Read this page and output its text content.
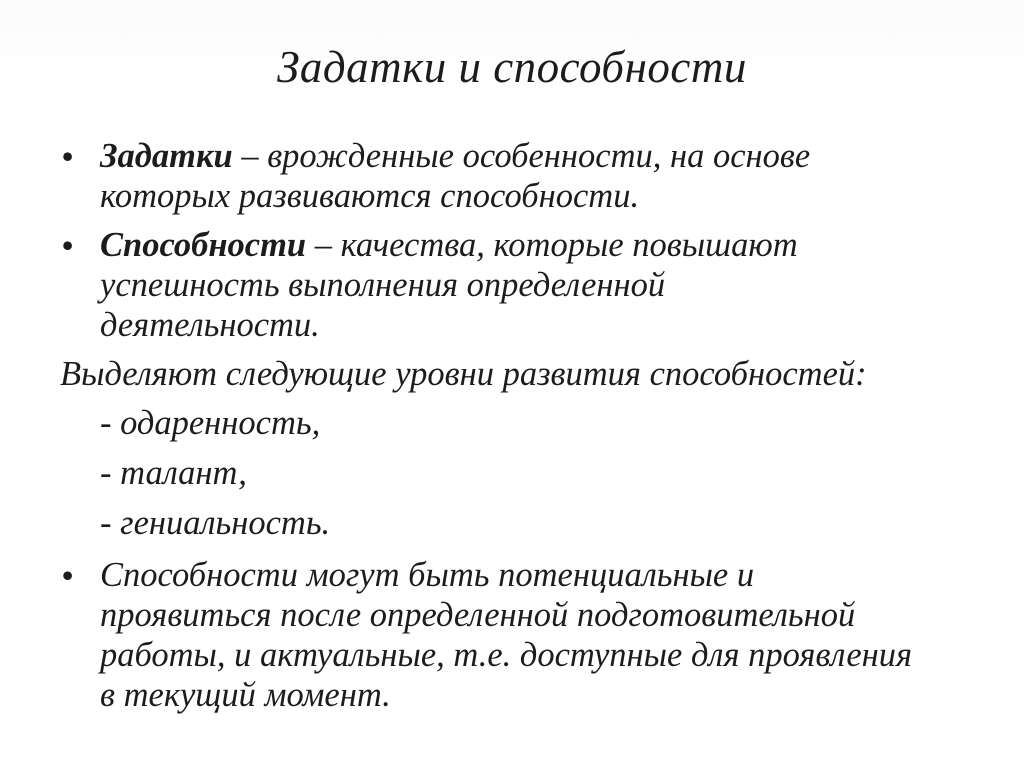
Задатки и способности
• Задатки – врожденные особенности, на основе которых развиваются способности.
• Способности – качества, которые повышают успешность выполнения определенной деятельности.
Выделяют следующие уровни развития способностей:
- одаренность,
- талант,
- гениальность.
• Способности могут быть потенциальные и проявиться после определенной подготовительной работы, и актуальные, т.е. доступные для проявления в текущий момент.
